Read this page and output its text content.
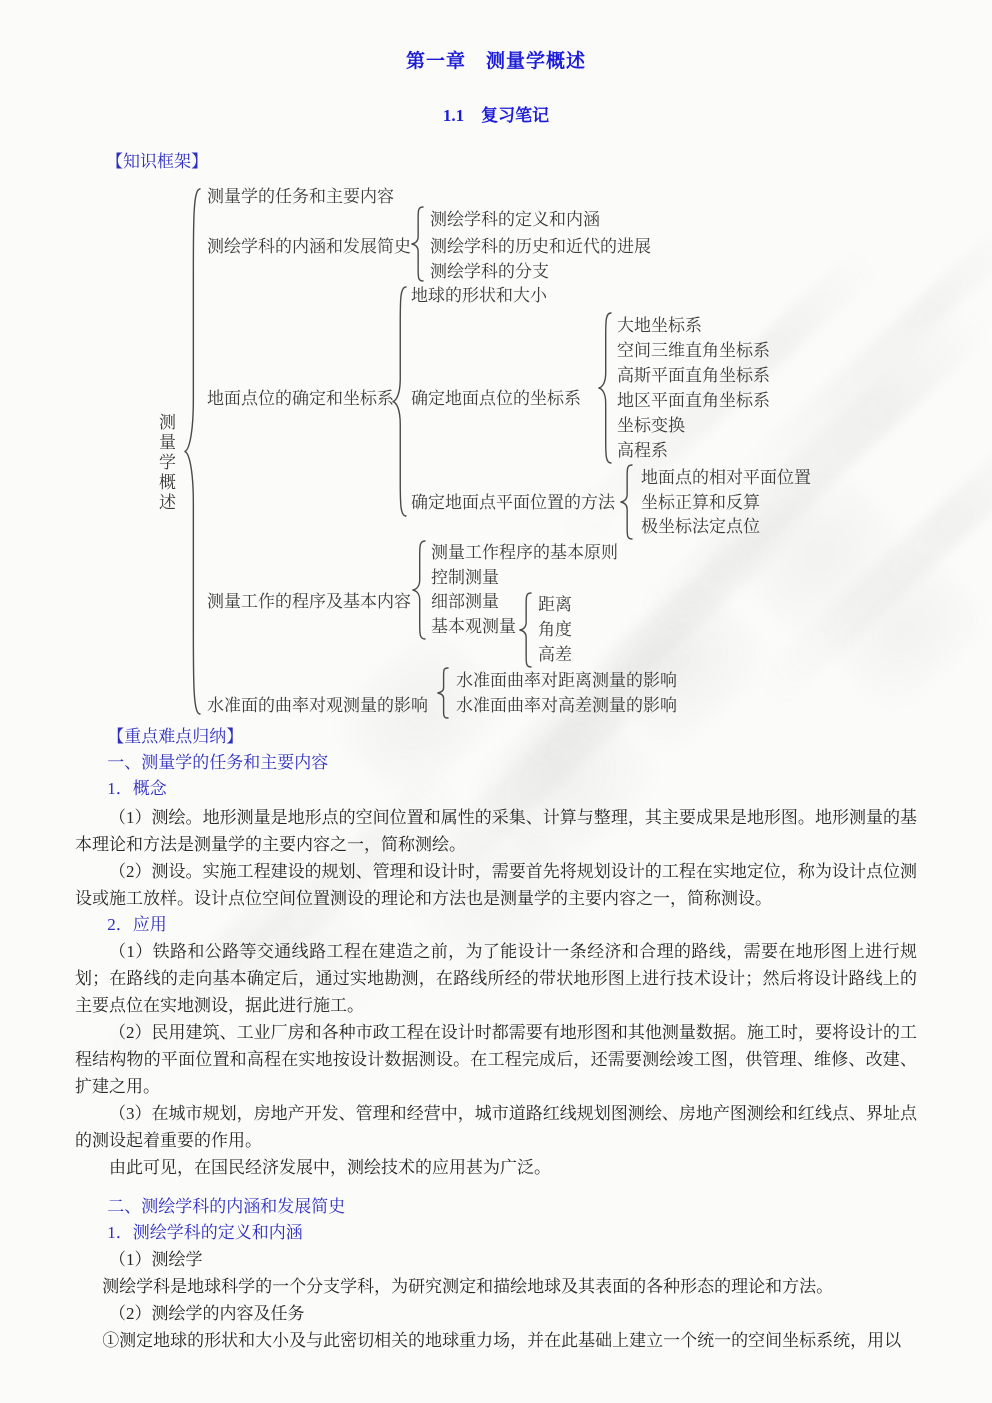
第一章　测量学概述
1.1　复习笔记
【知识框架】
测量学概述
测量学的任务和主要内容
测绘学科的内涵和发展简史
测绘学科的定义和内涵
测绘学科的历史和近代的进展
测绘学科的分支
地面点位的确定和坐标系
地球的形状和大小
确定地面点位的坐标系
大地坐标系
空间三维直角坐标系
高斯平面直角坐标系
地区平面直角坐标系
坐标变换
高程系
确定地面点平面位置的方法
地面点的相对平面位置
坐标正算和反算
极坐标法定点位
测量工作的程序及基本内容
测量工作程序的基本原则
控制测量
细部测量
基本观测量
距离
角度
高差
水准面的曲率对观测量的影响
水准面曲率对距离测量的影响
水准面曲率对高差测量的影响
【重点难点归纳】
一、测量学的任务和主要内容
1．概念

（1）测绘。地形测量是地形点的空间位置和属性的采集、计算与整理，其主要成果是地形图。地形测量的基本理论和方法是测量学的主要内容之一，简称测绘。

（2）测设。实施工程建设的规划、管理和设计时，需要首先将规划设计的工程在实地定位，称为设计点位测设或施工放样。设计点位空间位置测设的理论和方法也是测量学的主要内容之一，简称测设。

2．应用

（1）铁路和公路等交通线路工程在建造之前，为了能设计一条经济和合理的路线，需要在地形图上进行规划；在路线的走向基本确定后，通过实地勘测，在路线所经的带状地形图上进行技术设计；然后将设计路线上的主要点位在实地测设，据此进行施工。

（2）民用建筑、工业厂房和各种市政工程在设计时都需要有地形图和其他测量数据。施工时，要将设计的工程结构物的平面位置和高程在实地按设计数据测设。在工程完成后，还需要测绘竣工图，供管理、维修、改建、扩建之用。

（3）在城市规划，房地产开发、管理和经营中，城市道路红线规划图测绘、房地产图测绘和红线点、界址点的测设起着重要的作用。

由此可见，在国民经济发展中，测绘技术的应用甚为广泛。

二、测绘学科的内涵和发展简史
1．测绘学科的定义和内涵

（1）测绘学

测绘学科是地球科学的一个分支学科，为研究测定和描绘地球及其表面的各种形态的理论和方法。

（2）测绘学的内容及任务

①测定地球的形状和大小及与此密切相关的地球重力场，并在此基础上建立一个统一的空间坐标系统，用以
